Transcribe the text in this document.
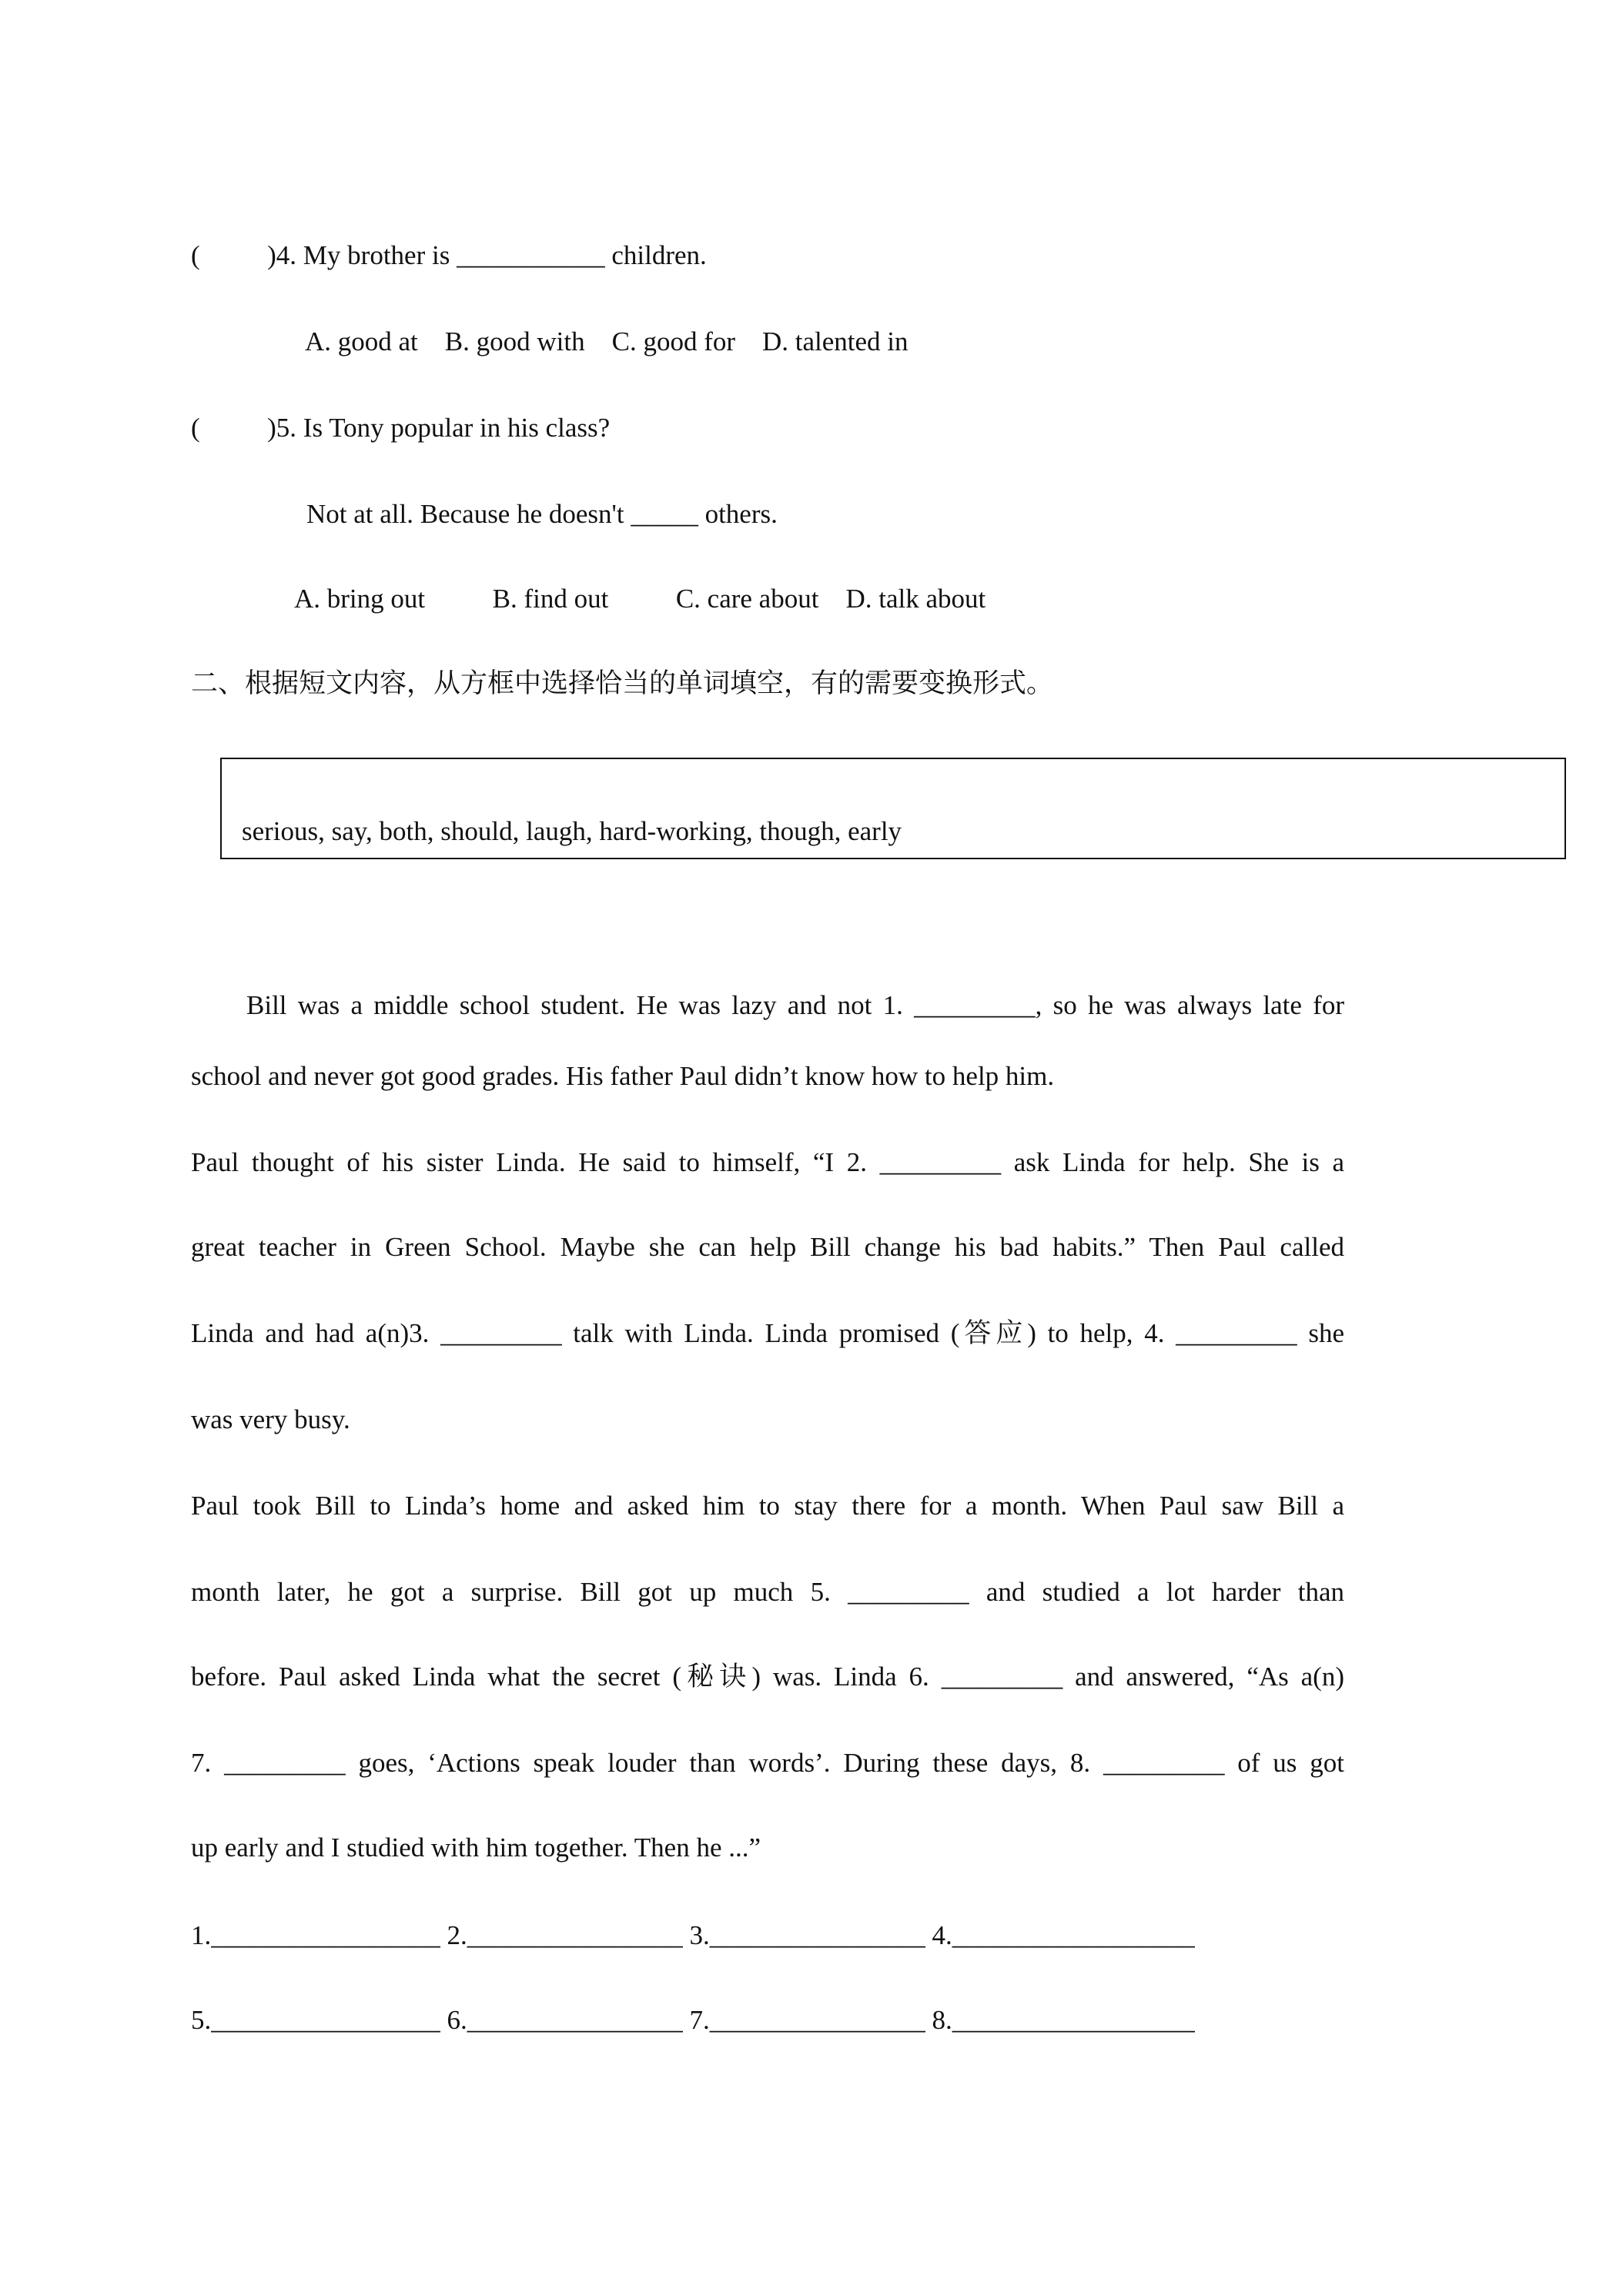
(          )4. My brother is ___________ children.
A. good at    B. good with    C. good for    D. talented in
(          )5. Is Tony popular in his class?
Not at all. Because he doesn't _____ others.
A. bring out          B. find out          C. care about    D. talk about
二、根据短文内容，从方框中选择恰当的单词填空，有的需要变换形式。
serious, say, both, should, laugh, hard-working, though, early
Bill was a middle school student. He was lazy and not 1. _________, so he was always late for
school and never got good grades. His father Paul didn’t know how to help him.
Paul thought of his sister Linda. He said to himself, “I 2. _________ ask Linda for help. She is a
great teacher in Green School. Maybe she can help Bill change his bad habits.” Then Paul called
Linda and had a(n)3. _________ talk with Linda. Linda promised (答应) to help, 4. _________ she
was very busy.
Paul took Bill to Linda’s home and asked him to stay there for a month. When Paul saw Bill a
month later, he got a surprise. Bill got up much 5. _________ and studied a lot harder than
before. Paul asked Linda what the secret (秘诀) was. Linda 6. _________ and answered, “As a(n)
7. _________ goes, ‘Actions speak louder than words’. During these days, 8. _________ of us got
up early and I studied with him together. Then he ...”
1._________________ 2.________________ 3.________________ 4.__________________
5._________________ 6.________________ 7.________________ 8.__________________
